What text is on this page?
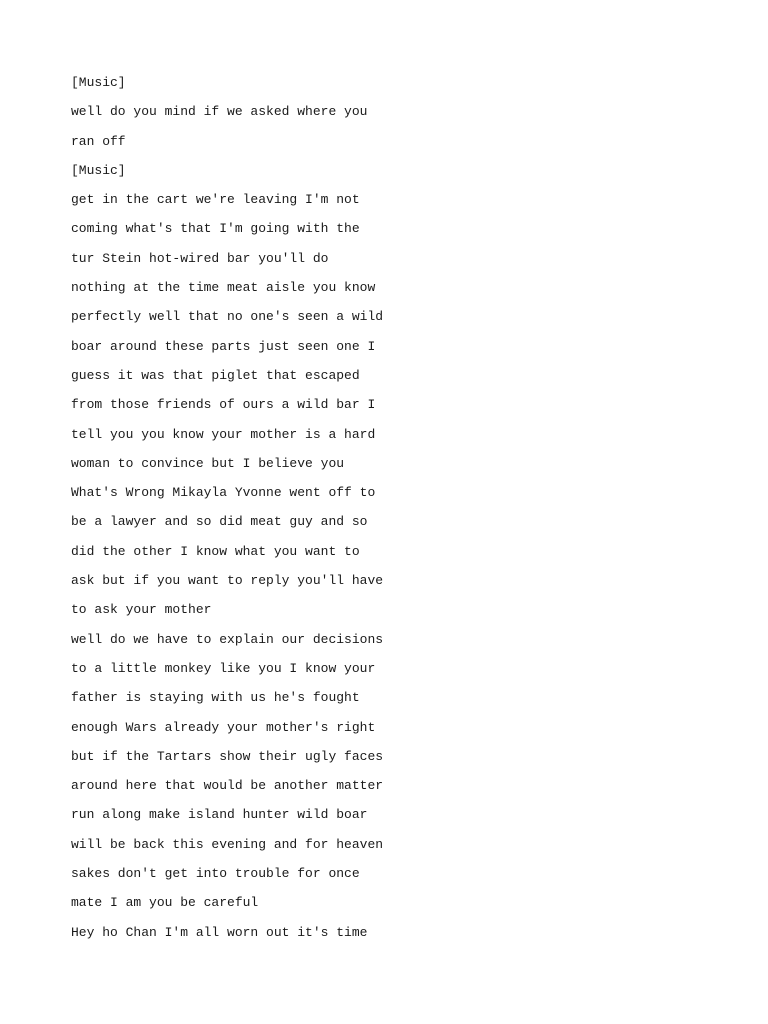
[Music]
well do you mind if we asked where you
ran off
[Music]
get in the cart we're leaving I'm not
coming what's that I'm going with the
tur Stein hot-wired bar you'll do
nothing at the time meat aisle you know
perfectly well that no one's seen a wild
boar around these parts just seen one I
guess it was that piglet that escaped
from those friends of ours a wild bar I
tell you you know your mother is a hard
woman to convince but I believe you
What's Wrong Mikayla Yvonne went off to
be a lawyer and so did meat guy and so
did the other I know what you want to
ask but if you want to reply you'll have
to ask your mother
well do we have to explain our decisions
to a little monkey like you I know your
father is staying with us he's fought
enough Wars already your mother's right
but if the Tartars show their ugly faces
around here that would be another matter
run along make island hunter wild boar
will be back this evening and for heaven
sakes don't get into trouble for once
mate I am you be careful
Hey ho Chan I'm all worn out it's time
